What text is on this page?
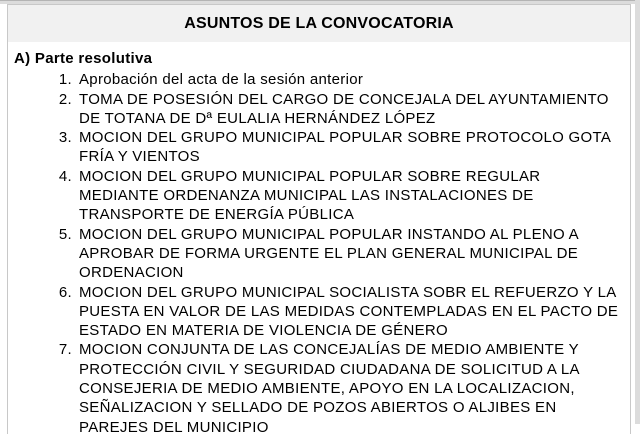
ASUNTOS DE LA CONVOCATORIA
A) Parte resolutiva
1. Aprobación del acta de la sesión anterior
2. TOMA DE POSESIÓN DEL CARGO DE CONCEJALA DEL AYUNTAMIENTO DE TOTANA DE Dª EULALIA HERNÁNDEZ LÓPEZ
3. MOCION DEL GRUPO MUNICIPAL POPULAR SOBRE PROTOCOLO GOTA FRÍA Y VIENTOS
4. MOCION DEL GRUPO MUNICIPAL POPULAR SOBRE REGULAR MEDIANTE ORDENANZA MUNICIPAL LAS INSTALACIONES DE TRANSPORTE DE ENERGÍA PÚBLICA
5. MOCION DEL GRUPO MUNICIPAL POPULAR INSTANDO AL PLENO A APROBAR DE FORMA URGENTE EL PLAN GENERAL MUNICIPAL DE ORDENACION
6. MOCION DEL GRUPO MUNICIPAL SOCIALISTA SOBR EL REFUERZO Y LA PUESTA EN VALOR DE LAS MEDIDAS CONTEMPLADAS EN EL PACTO DE ESTADO EN MATERIA DE VIOLENCIA DE GÉNERO
7. MOCION CONJUNTA DE LAS CONCEJALÍAS DE MEDIO AMBIENTE Y PROTECCIÓN CIVIL Y SEGURIDAD CIUDADANA DE SOLICITUD A LA CONSEJERIA DE MEDIO AMBIENTE, APOYO EN LA LOCALIZACION, SEÑALIZACION Y SELLADO DE POZOS ABIERTOS O ALJIBES EN PAREJES DEL MUNICIPIO
